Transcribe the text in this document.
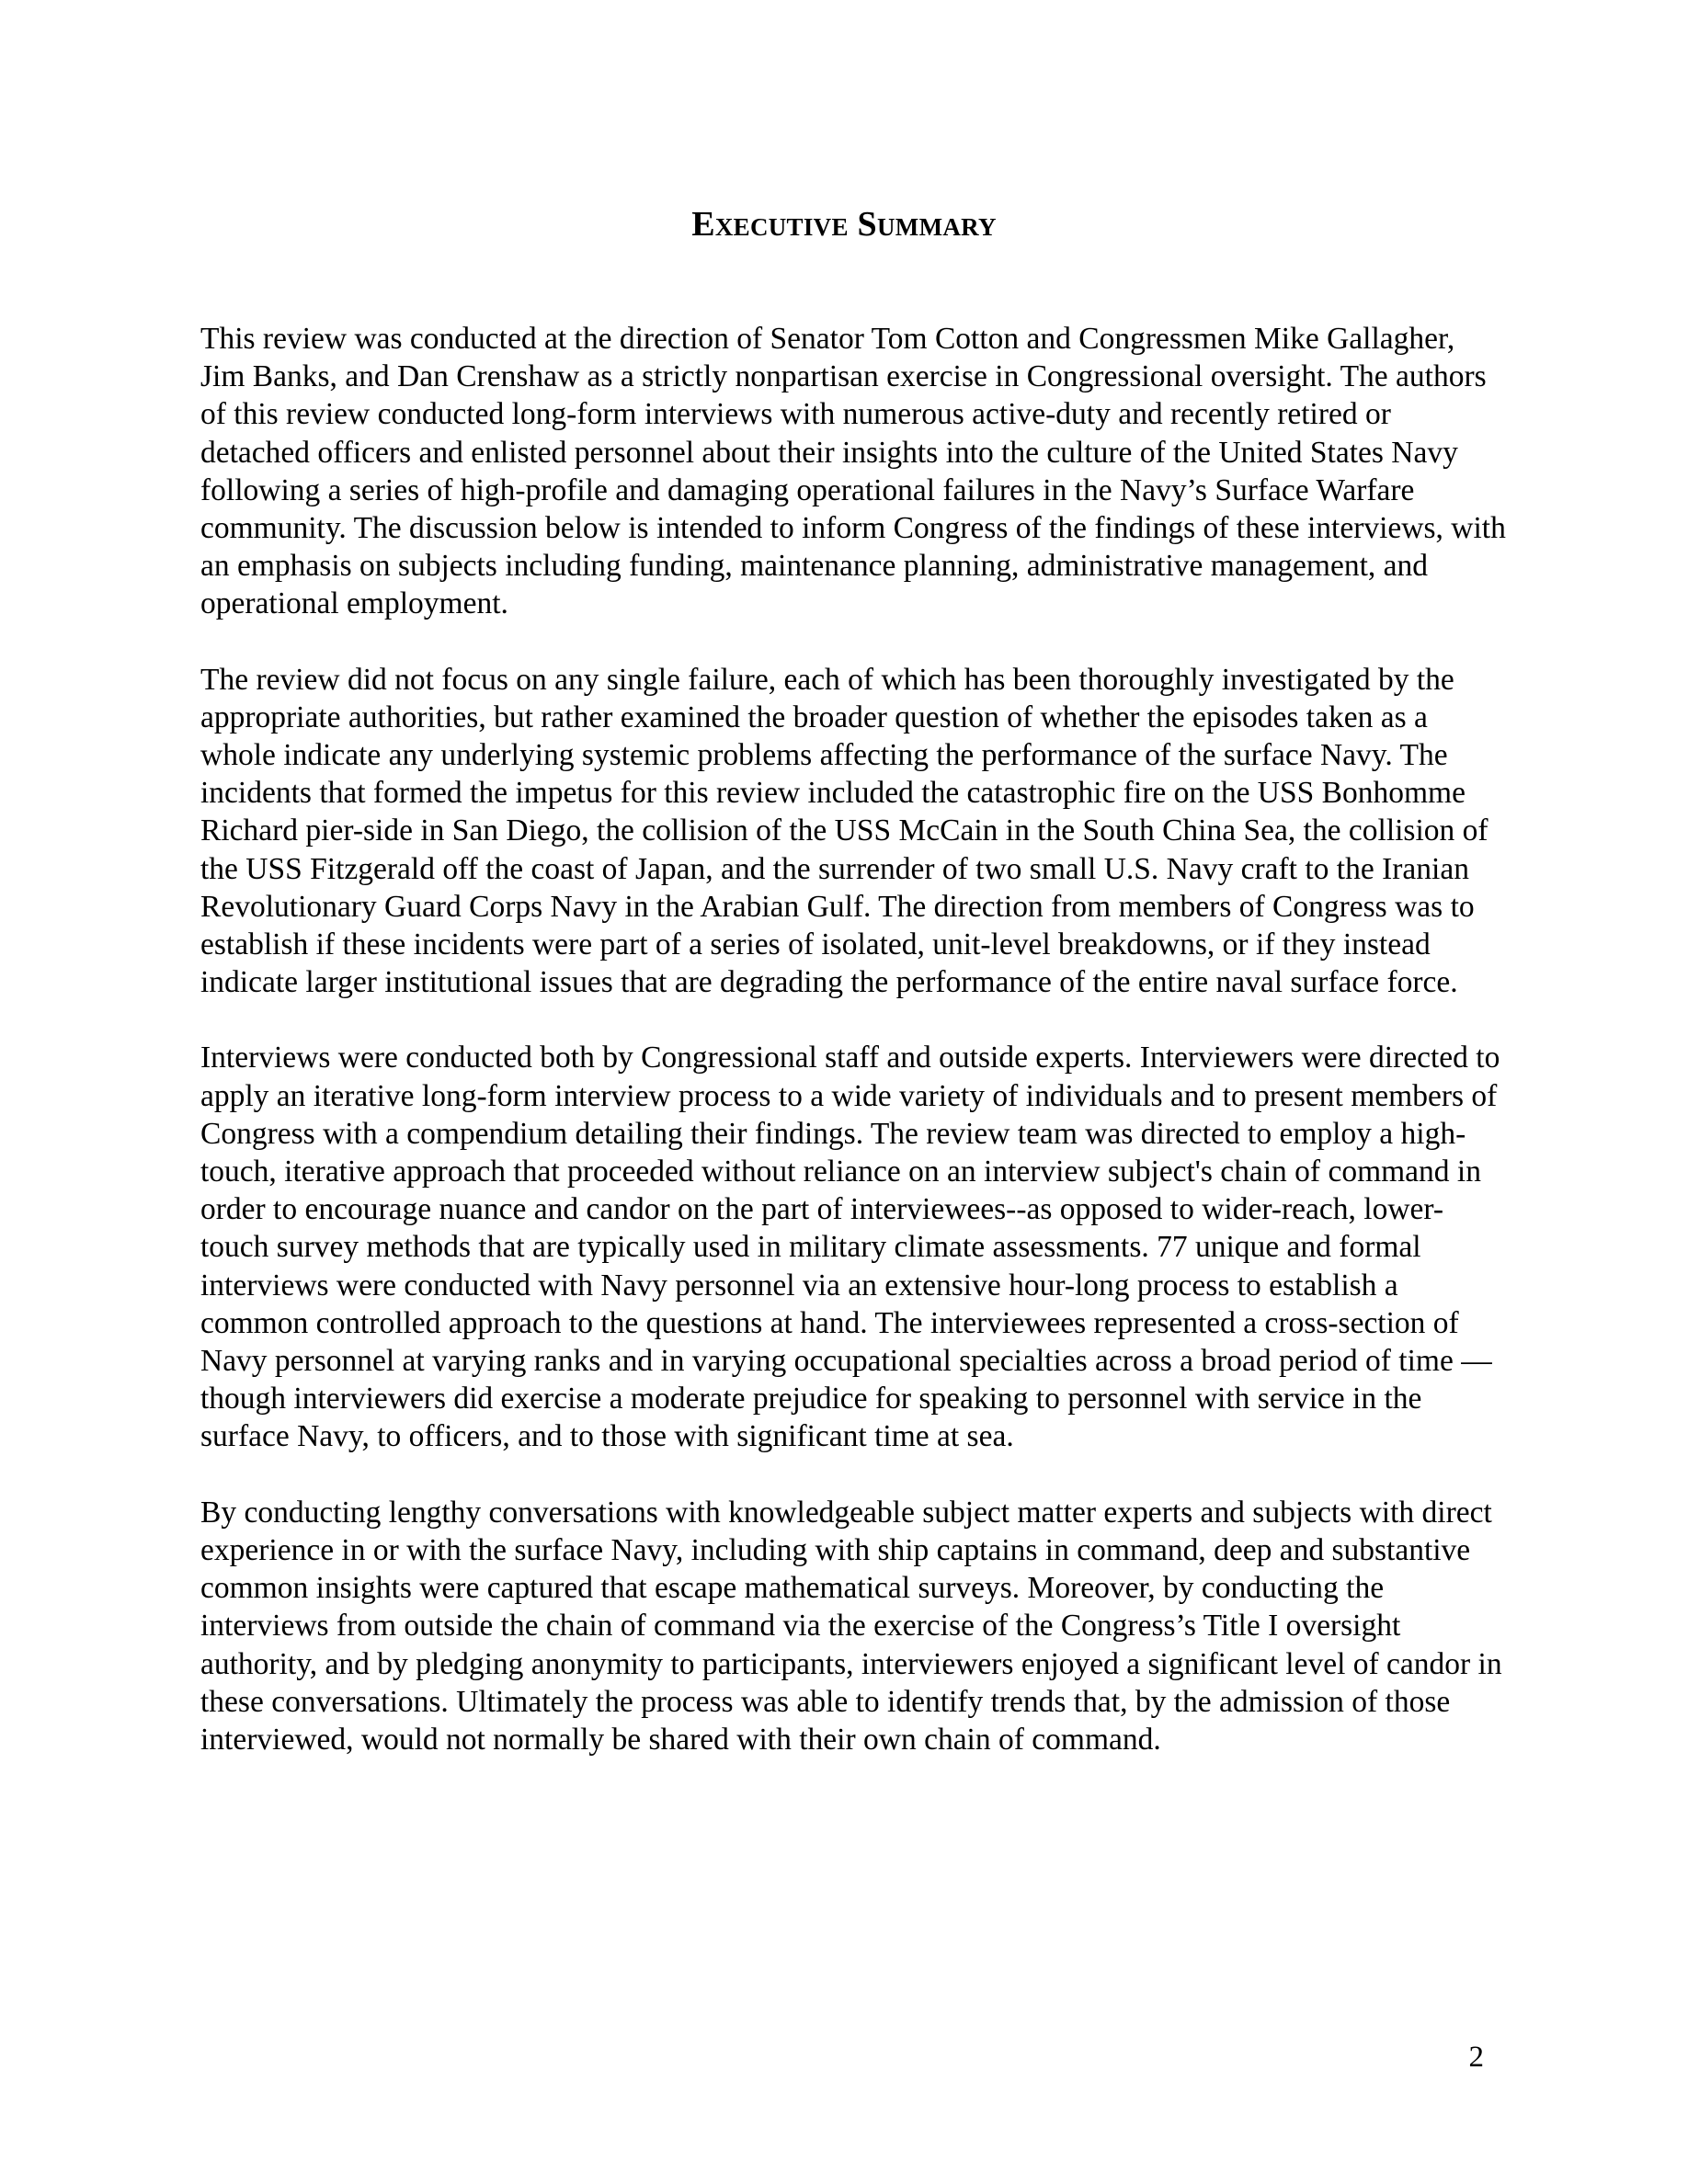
Executive Summary

This review was conducted at the direction of Senator Tom Cotton and Congressmen Mike Gallagher, Jim Banks, and Dan Crenshaw as a strictly nonpartisan exercise in Congressional oversight. The authors of this review conducted long-form interviews with numerous active-duty and recently retired or detached officers and enlisted personnel about their insights into the culture of the United States Navy following a series of high-profile and damaging operational failures in the Navy’s Surface Warfare community. The discussion below is intended to inform Congress of the findings of these interviews, with an emphasis on subjects including funding, maintenance planning, administrative management, and operational employment.

The review did not focus on any single failure, each of which has been thoroughly investigated by the appropriate authorities, but rather examined the broader question of whether the episodes taken as a whole indicate any underlying systemic problems affecting the performance of the surface Navy. The incidents that formed the impetus for this review included the catastrophic fire on the USS Bonhomme Richard pier-side in San Diego, the collision of the USS McCain in the South China Sea, the collision of the USS Fitzgerald off the coast of Japan, and the surrender of two small U.S. Navy craft to the Iranian Revolutionary Guard Corps Navy in the Arabian Gulf. The direction from members of Congress was to establish if these incidents were part of a series of isolated, unit-level breakdowns, or if they instead indicate larger institutional issues that are degrading the performance of the entire naval surface force.

Interviews were conducted both by Congressional staff and outside experts. Interviewers were directed to apply an iterative long-form interview process to a wide variety of individuals and to present members of Congress with a compendium detailing their findings. The review team was directed to employ a high-touch, iterative approach that proceeded without reliance on an interview subject's chain of command in order to encourage nuance and candor on the part of interviewees--as opposed to wider-reach, lower-touch survey methods that are typically used in military climate assessments. 77 unique and formal interviews were conducted with Navy personnel via an extensive hour-long process to establish a common controlled approach to the questions at hand. The interviewees represented a cross-section of Navy personnel at varying ranks and in varying occupational specialties across a broad period of time —though interviewers did exercise a moderate prejudice for speaking to personnel with service in the surface Navy, to officers, and to those with significant time at sea.

By conducting lengthy conversations with knowledgeable subject matter experts and subjects with direct experience in or with the surface Navy, including with ship captains in command, deep and substantive common insights were captured that escape mathematical surveys. Moreover, by conducting the interviews from outside the chain of command via the exercise of the Congress’s Title I oversight authority, and by pledging anonymity to participants, interviewers enjoyed a significant level of candor in these conversations. Ultimately the process was able to identify trends that, by the admission of those interviewed, would not normally be shared with their own chain of command.

2
